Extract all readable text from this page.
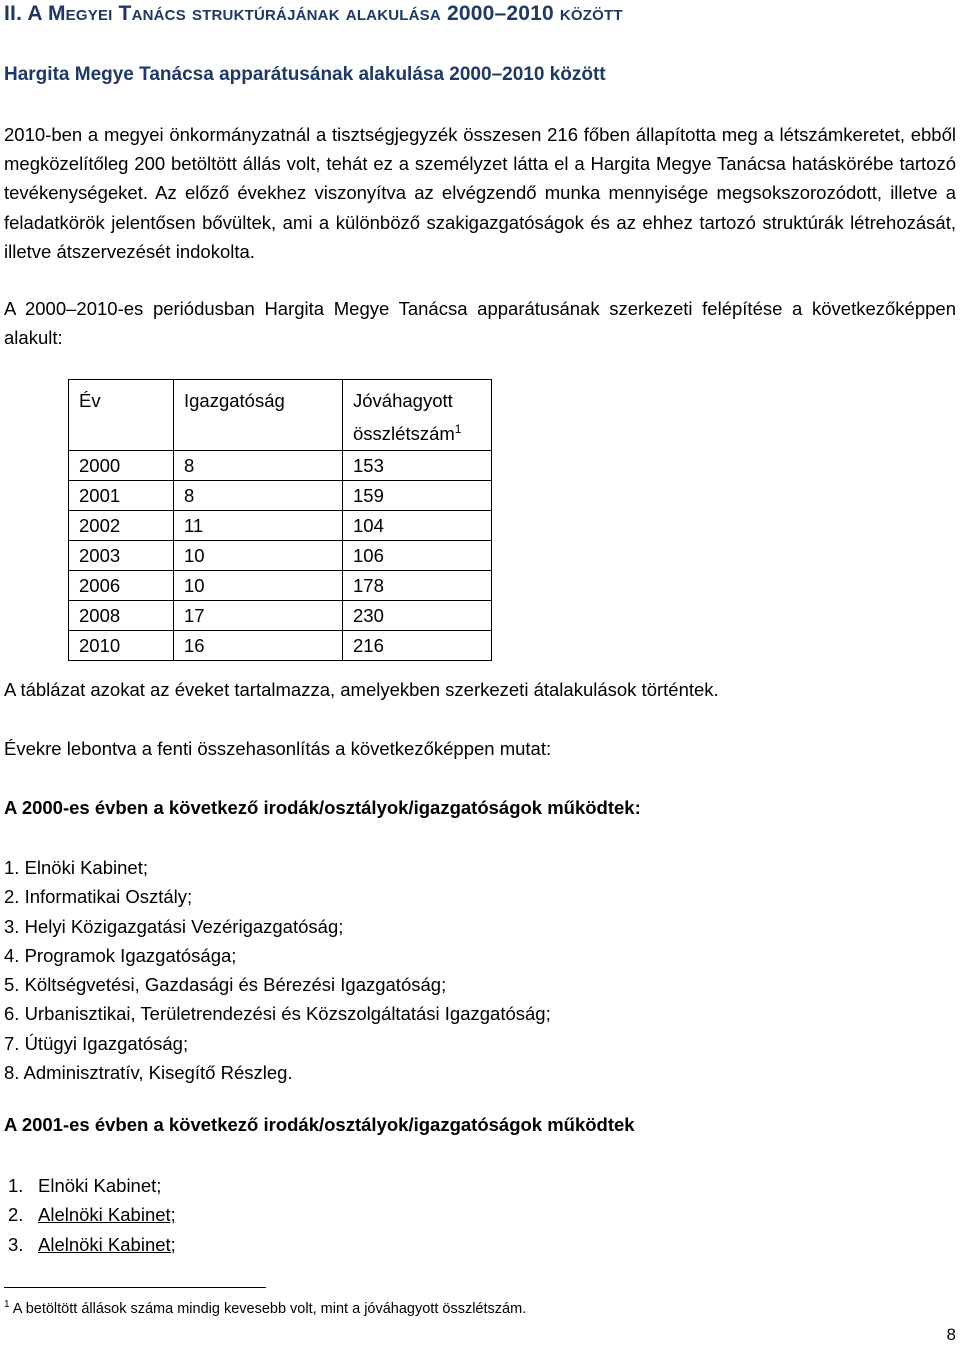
II. A Megyei Tanács struktúrájának alakulása 2000–2010 között
Hargita Megye Tanácsa apparátusának alakulása 2000–2010 között
2010-ben a megyei önkormányzatnál a tisztségjegyzék összesen 216 főben állapította meg a létszámkeretet, ebből megközelítőleg 200 betöltött állás volt, tehát ez a személyzet látta el a Hargita Megye Tanácsa hatáskörébe tartozó tevékenységeket. Az előző évekhez viszonyítva az elvégzendő munka mennyisége megsokszorozódott, illetve a feladatkörök jelentősen bővültek, ami a különböző szakigazgatóságok és az ehhez tartozó struktúrák létrehozását, illetve átszervezését indokolta.
A 2000–2010-es periódusban Hargita Megye Tanácsa apparátusának szerkezeti felépítése a következőképpen alakult:
Év	Igazgatóság	Jóváhagyott összlétszám$^1$
2000	8	153
2001	8	159
2002	11	104
2003	10	106
2006	10	178
2008	17	230
2010	16	216
A táblázat azokat az éveket tartalmazza, amelyekben szerkezeti átalakulások történtek.
Évekre lebontva a fenti összehasonlítás a következőképpen mutat:
A 2000-es évben a következő irodák/osztályok/igazgatóságok működtek:
1. Elnöki Kabinet;
2. Informatikai Osztály;
3. Helyi Közigazgatási Vezérigazgatóság;
4. Programok Igazgatósága;
5. Költségvetési, Gazdasági és Bérezési Igazgatóság;
6. Urbanisztikai, Területrendezési és Közszolgáltatási Igazgatóság;
7. Útügyi Igazgatóság;
8. Adminisztratív, Kisegítő Részleg.
A 2001-es évben a következő irodák/osztályok/igazgatóságok működtek
1. Elnöki Kabinet;
2. Alelnöki Kabinet;
3. Alelnöki Kabinet;
$^1$ A betöltött állások száma mindig kevesebb volt, mint a jóváhagyott összlétszám.
8
